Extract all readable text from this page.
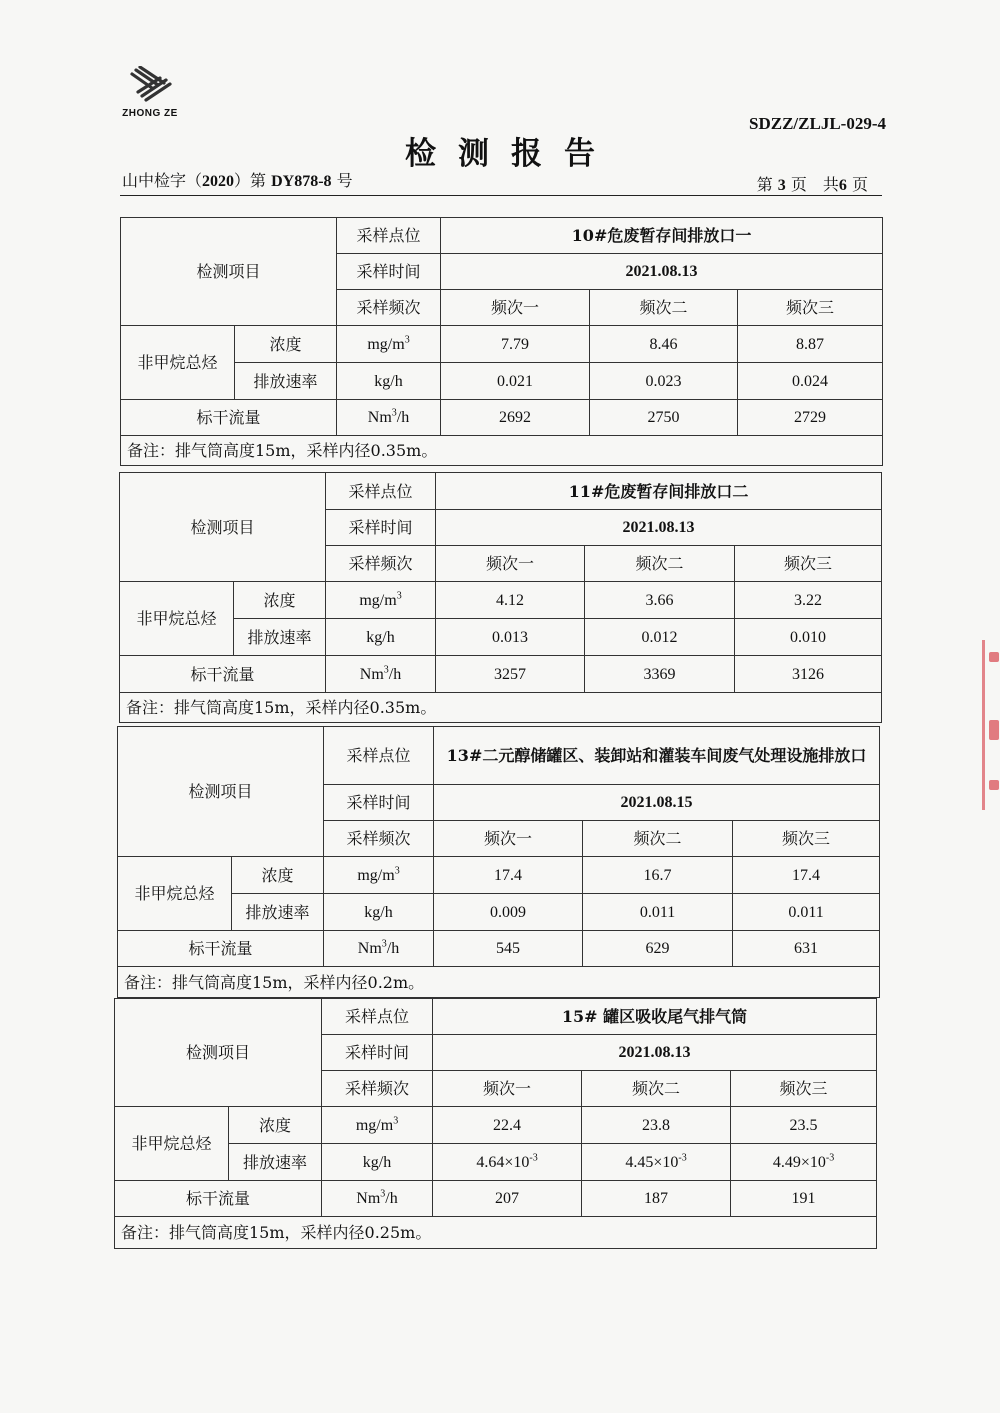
ZHONG ZE
SDZZ/ZLJL-029-4
检测报告
山中检字（2020）第 DY878-8 号	第 3 页 共6 页
检测项目		采样点位	10#危废暂存间排放口一		
		采样时间	2021.08.13		
		采样频次	频次一	频次二	频次三
非甲烷总烃	浓度	$mg/m^3$	7.79	8.46	8.87
	排放速率	kg/h	0.021	0.023	0.024
标干流量		Nm$^3$/h	2692	2750	2729
备注：排气筒高度15m，采样内径0.35m。					
检测项目		采样点位	11#危废暂存间排放口二		
		采样时间	2021.08.13		
		采样频次	频次一	频次二	频次三
非甲烷总烃	浓度	$mg/m^3$	4.12	3.66	3.22
	排放速率	kg/h	0.013	0.012	0.010
标干流量		Nm$^3$/h	3257	3369	3126
备注：排气筒高度15m，采样内径0.35m。					
检测项目		采样点位	13#二元醇储罐区、装卸站和灌装车间废气处理设施排放口		
		采样时间	2021.08.15		
		采样频次	频次一	频次二	频次三
非甲烷总烃	浓度	$mg/m^3$	17.4	16.7	17.4
	排放速率	kg/h	0.009	0.011	0.011
标干流量		Nm$^3$/h	545	629	631
备注：排气筒高度15m，采样内径0.2m。					
检测项目		采样点位	15# 罐区吸收尾气排气筒		
		采样时间	2021.08.13		
		采样频次	频次一	频次二	频次三
非甲烷总烃	浓度	$mg/m^3$	22.4	23.8	23.5
	排放速率	kg/h	$4.64\times 10^{-3}$	$4.45\times 10^{-3}$	$4.49\times 10^{-3}$
标干流量		Nm$^3$/h	207	187	191
备注：排气筒高度15m，采样内径0.25m。					
